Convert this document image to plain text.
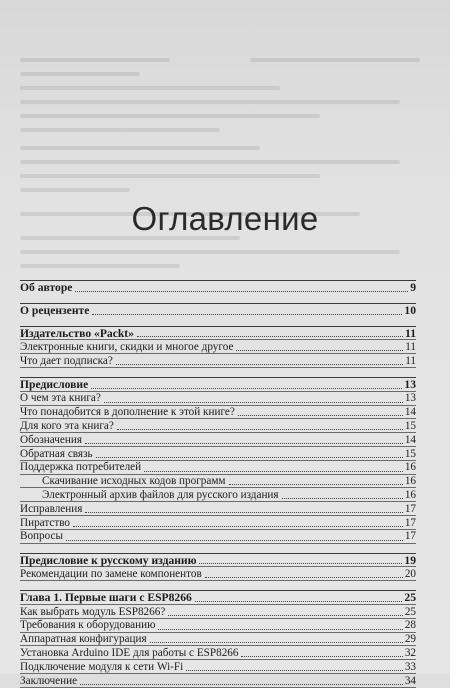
Оглавление
Об авторе	9
О рецензенте	10
Издательство «Packt»	11
Электронные книги, скидки и многое другое	11
Что дает подписка?	11
Предисловие	13
О чем эта книга?	13
Что понадобится в дополнение к этой книге?	14
Для кого эта книга?	15
Обозначения	14
Обратная связь	15
Поддержка потребителей	16
Скачивание исходных кодов программ	16
Электронный архив файлов для русского издания	16
Исправления	17
Пиратство	17
Вопросы	17
Предисловие к русскому изданию	19
Рекомендации по замене компонентов	20
Глава 1. Первые шаги с ESP8266	25
Как выбрать модуль ESP8266?	25
Требования к оборудованию	28
Аппаратная конфигурация	29
Установка Arduino IDE для работы с ESP8266	32
Подключение модуля к сети Wi-Fi	33
Заключение	34
